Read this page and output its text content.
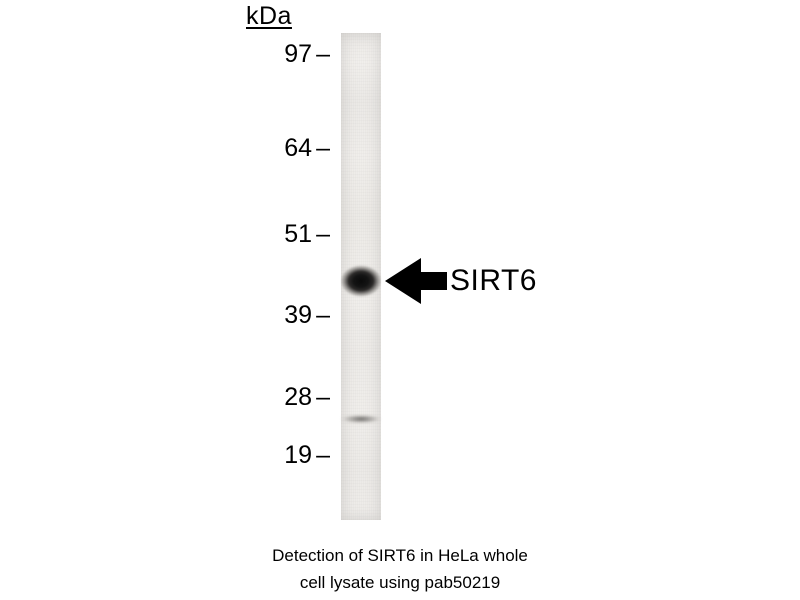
kDa
97 –
64 –
51 –
39 –
28 –
19 –
SIRT6
Detection of SIRT6 in HeLa whole
cell lysate using pab50219
